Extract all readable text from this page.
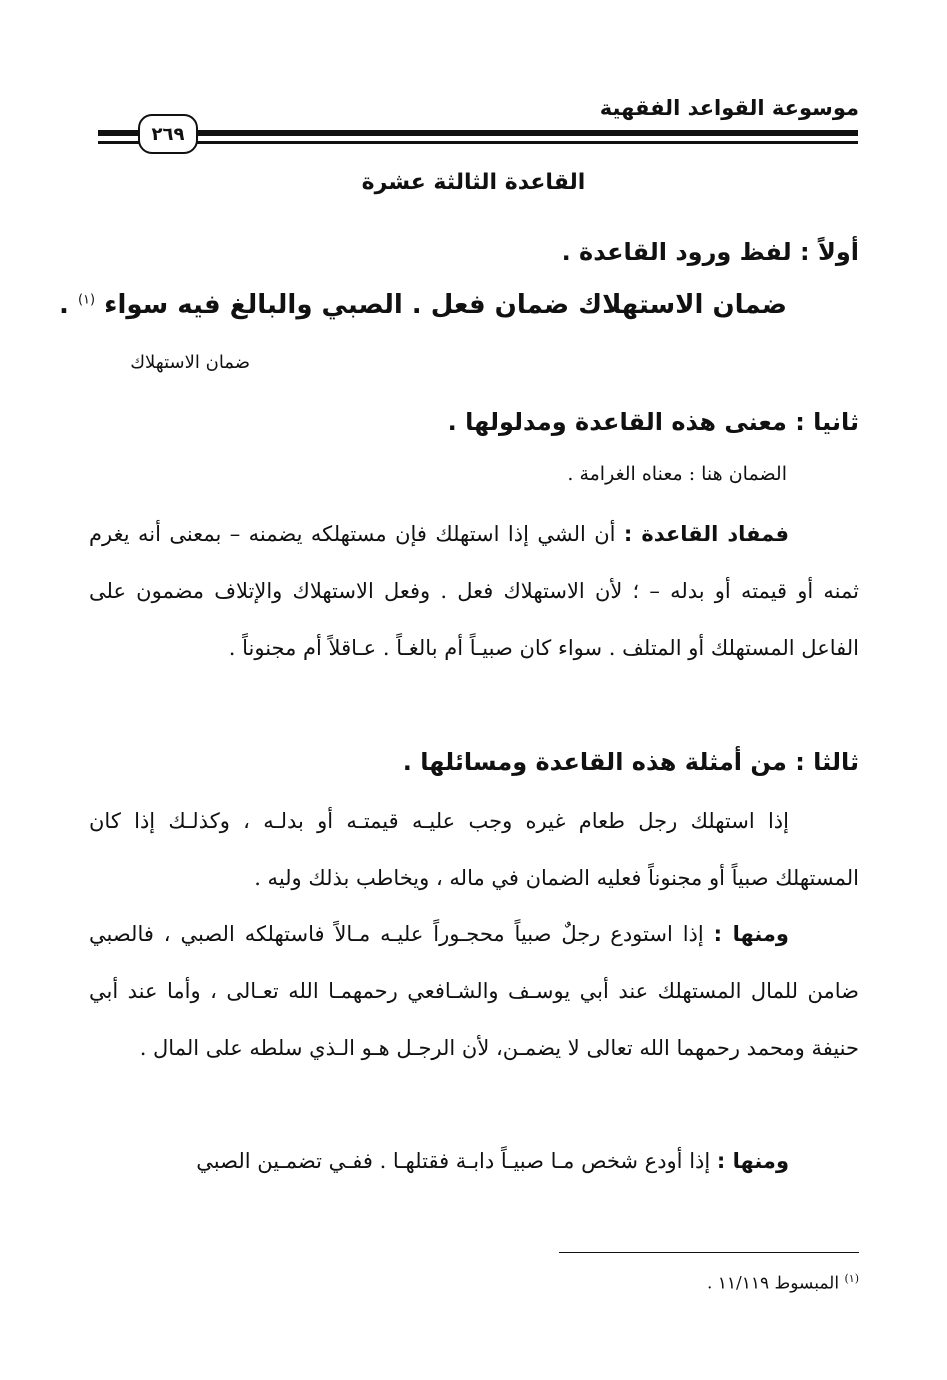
موسوعة القواعد الفقهية
٢٦٩
القاعدة الثالثة عشرة
أولاً : لفظ ورود القاعدة .
ضمان الاستهلاك ضمان فعل . الصبي والبالغ فيه سواء $^{(١)}$ .
ضمان الاستهلاك
ثانيا : معنى هذه القاعدة ومدلولها .
الضمان هنا : معناه الغرامة .
فمفاد القاعدة : أن الشي إذا استهلك فإن مستهلكه يضمنه – بمعنى أنه يغرم ثمنه أو قيمته أو بدله – ؛ لأن الاستهلاك فعل . وفعل الاستهلاك والإتلاف مضمون على الفاعل المستهلك أو المتلف . سواء كان صبيـاً أم بالغـاً . عـاقلاً أم مجنوناً .
ثالثا : من أمثلة هذه القاعدة ومسائلها .
إذا استهلك رجل طعام غيره وجب عليـه قيمتـه أو بدلـه ، وكذلـك إذا كان المستهلك صبياً أو مجنوناً فعليه الضمان في ماله ، ويخاطب بذلك وليه .
ومنها : إذا استودع رجلٌ صبياً محجـوراً عليـه مـالاً فاستهلكه الصبي ، فالصبي ضامن للمال المستهلك عند أبي يوسـف والشـافعي رحمهمـا الله تعـالى ، وأما عند أبي حنيفة ومحمد رحمهما الله تعالى لا يضمـن، لأن الرجـل هـو الـذي سلطه على المال .
ومنها : إذا أودع شخص مـا صبيـاً دابـة فقتلهـا . ففـي تضمـين الصبي
$^{(١)}$ المبسوط ١١/١١٩ .
